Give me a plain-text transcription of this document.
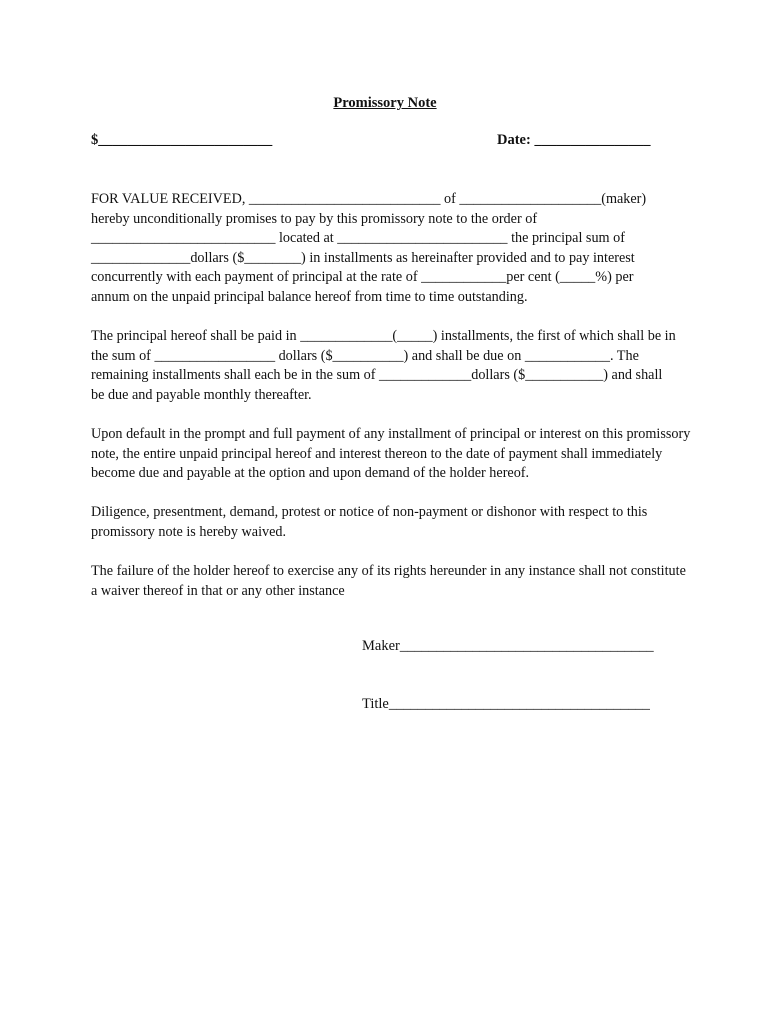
Promissory Note
$________________________	Date: ________________

FOR VALUE RECEIVED, ___________________________ of ____________________(maker)
hereby unconditionally promises to pay by this promissory note to the order of
__________________________ located at ________________________ the principal sum of
______________dollars ($________) in installments as hereinafter provided and to pay interest
concurrently with each payment of principal at the rate of ____________per cent (_____%) per
annum on the unpaid principal balance hereof from time to time outstanding.

The principal hereof shall be paid in _____________(_____) installments, the first of which shall be in
the sum of _________________ dollars ($__________) and shall be due on ____________. The
remaining installments shall each be in the sum of _____________dollars ($___________) and shall
be due and payable monthly thereafter.

Upon default in the prompt and full payment of any installment of principal or interest on this promissory
note, the entire unpaid principal hereof and interest thereon to the date of payment shall immediately
become due and payable at the option and upon demand of the holder hereof.

Diligence, presentment, demand, protest or notice of non-payment or dishonor with respect to this
promissory note is hereby waived.

The failure of the holder hereof to exercise any of its rights hereunder in any instance shall not constitute
a waiver thereof in that or any other instance

Maker___________________________________
Title____________________________________
